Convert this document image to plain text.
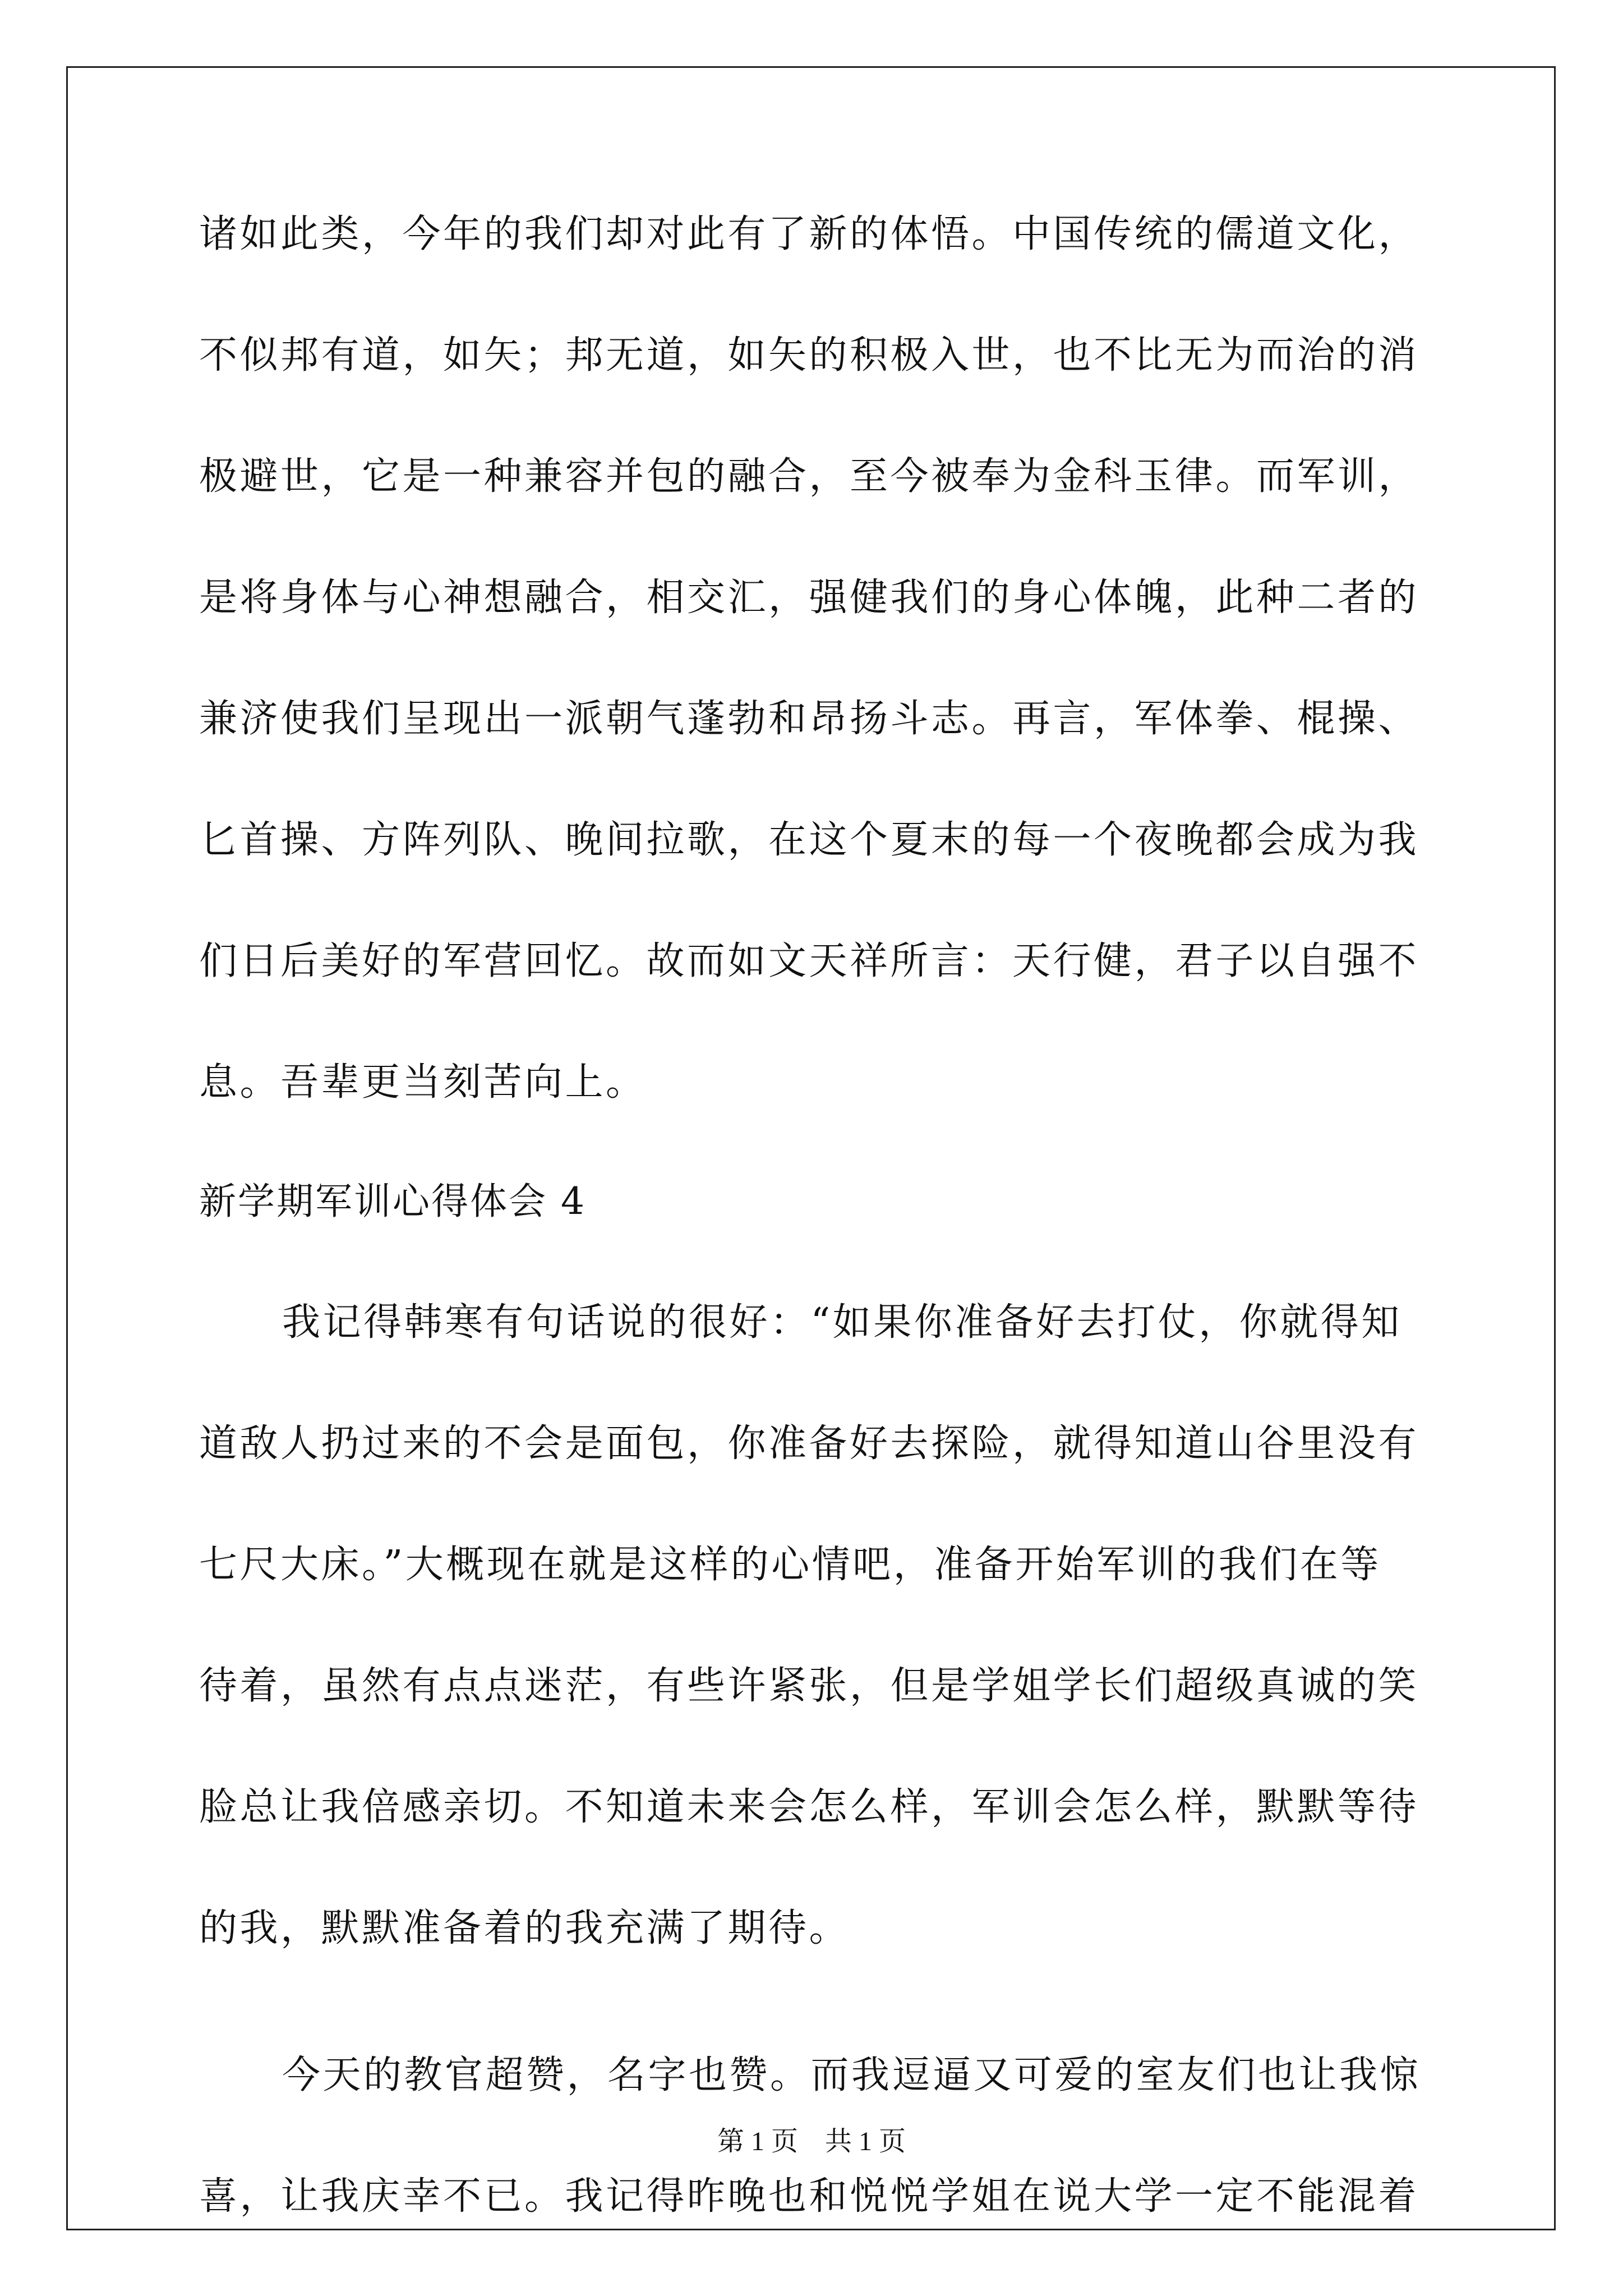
诸如此类，今年的我们却对此有了新的体悟。中国传统的儒道文化，
不似邦有道，如矢；邦无道，如矢的积极入世，也不比无为而治的消
极避世，它是一种兼容并包的融合，至今被奉为金科玉律。而军训，
是将身体与心神想融合，相交汇，强健我们的身心体魄，此种二者的
兼济使我们呈现出一派朝气蓬勃和昂扬斗志。再言，军体拳、棍操、
匕首操、方阵列队、晚间拉歌，在这个夏末的每一个夜晚都会成为我
们日后美好的军营回忆。故而如文天祥所言：天行健，君子以自强不
息。吾辈更当刻苦向上。
新学期军训心得体会 4
我记得韩寒有句话说的很好：“如果你准备好去打仗，你就得知
道敌人扔过来的不会是面包，你准备好去探险，就得知道山谷里没有
七尺大床。”大概现在就是这样的心情吧，准备开始军训的我们在等
待着，虽然有点点迷茫，有些许紧张，但是学姐学长们超级真诚的笑
脸总让我倍感亲切。不知道未来会怎么样，军训会怎么样，默默等待
的我，默默准备着的我充满了期待。
今天的教官超赞，名字也赞。而我逗逼又可爱的室友们也让我惊
喜，让我庆幸不已。我记得昨晚也和悦悦学姐在说大学一定不能混着
第 1 页　共 1 页
